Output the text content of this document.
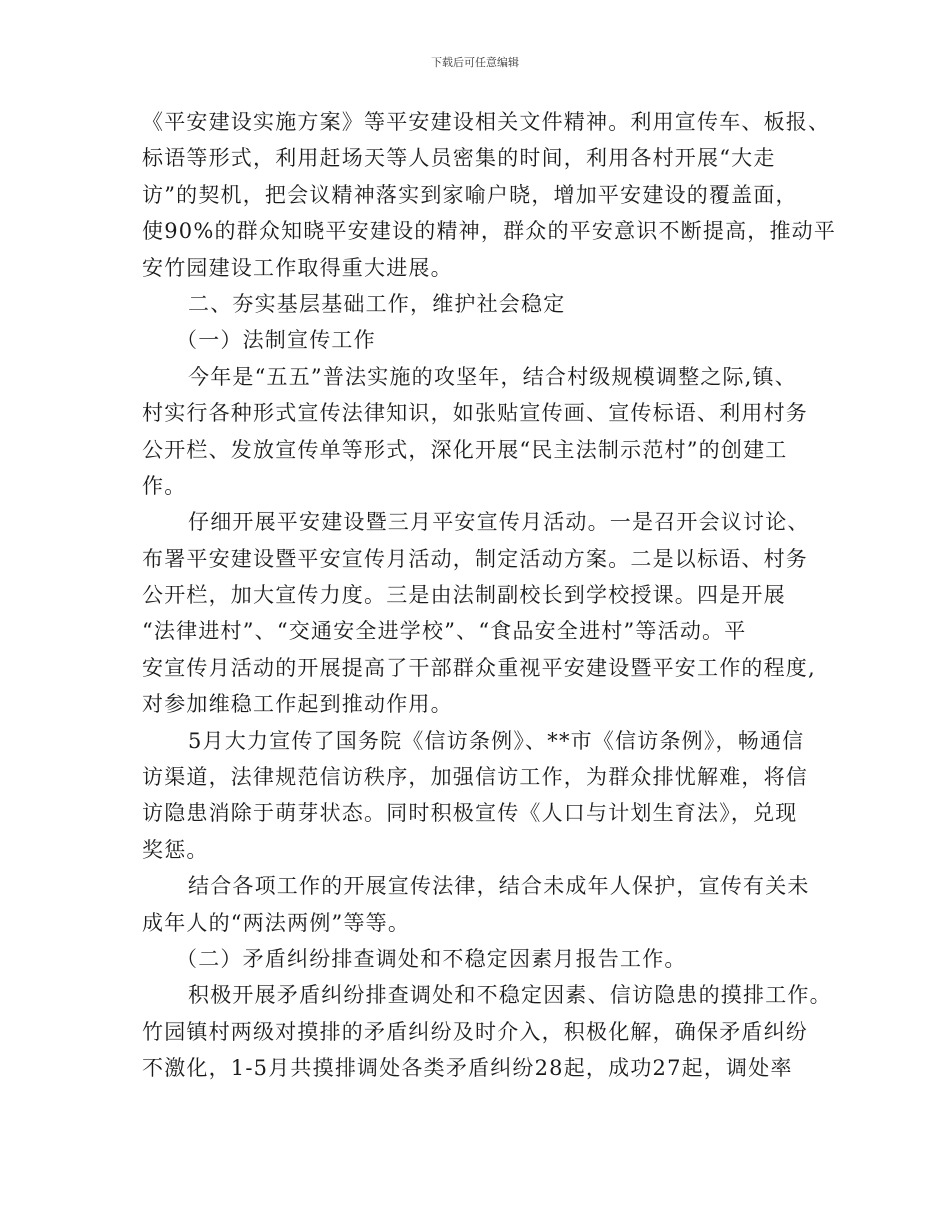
下载后可任意编辑
《平安建设实施方案》等平安建设相关文件精神。利用宣传车、板报、
标语等形式，利用赶场天等人员密集的时间，利用各村开展“大走
访”的契机，把会议精神落实到家喻户晓，增加平安建设的覆盖面，
使90%的群众知晓平安建设的精神，群众的平安意识不断提高，推动平
安竹园建设工作取得重大进展。
二、夯实基层基础工作，维护社会稳定
（一）法制宣传工作
今年是“五五”普法实施的攻坚年，结合村级规模调整之际,镇、
村实行各种形式宣传法律知识，如张贴宣传画、宣传标语、利用村务
公开栏、发放宣传单等形式，深化开展“民主法制示范村”的创建工
作。
仔细开展平安建设暨三月平安宣传月活动。一是召开会议讨论、
布署平安建设暨平安宣传月活动，制定活动方案。二是以标语、村务
公开栏，加大宣传力度。三是由法制副校长到学校授课。四是开展
“法律进村”、“交通安全进学校”、“食品安全进村”等活动。平
安宣传月活动的开展提高了干部群众重视平安建设暨平安工作的程度,
对参加维稳工作起到推动作用。
5月大力宣传了国务院《信访条例》、**市《信访条例》，畅通信
访渠道，法律规范信访秩序，加强信访工作，为群众排忧解难，将信
访隐患消除于萌芽状态。同时积极宣传《人口与计划生育法》，兑现
奖惩。
结合各项工作的开展宣传法律，结合未成年人保护，宣传有关未
成年人的“两法两例”等等。
（二）矛盾纠纷排查调处和不稳定因素月报告工作。
积极开展矛盾纠纷排查调处和不稳定因素、信访隐患的摸排工作。
竹园镇村两级对摸排的矛盾纠纷及时介入，积极化解，确保矛盾纠纷
不激化，1-5月共摸排调处各类矛盾纠纷28起，成功27起，调处率
